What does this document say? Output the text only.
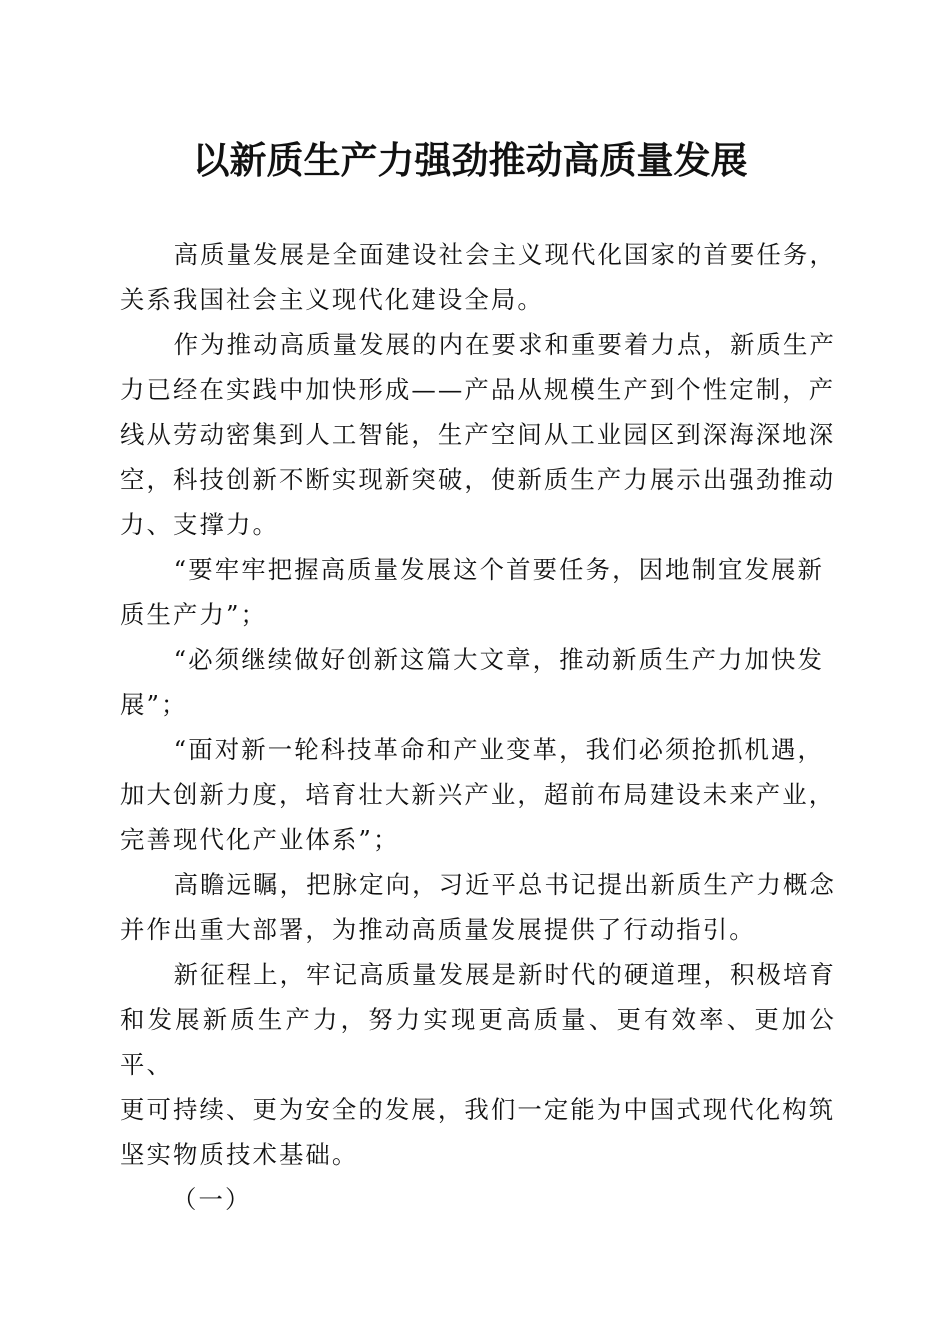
以新质生产力强劲推动高质量发展

高质量发展是全面建设社会主义现代化国家的首要任务，
关系我国社会主义现代化建设全局。

作为推动高质量发展的内在要求和重要着力点，新质生产
力已经在实践中加快形成——产品从规模生产到个性定制，产
线从劳动密集到人工智能，生产空间从工业园区到深海深地深
空，科技创新不断实现新突破，使新质生产力展示出强劲推动
力、支撑力。

“要牢牢把握高质量发展这个首要任务，因地制宜发展新
质生产力”；

“必须继续做好创新这篇大文章，推动新质生产力加快发
展”；

“面对新一轮科技革命和产业变革，我们必须抢抓机遇，
加大创新力度，培育壮大新兴产业，超前布局建设未来产业，
完善现代化产业体系”；

高瞻远瞩，把脉定向，习近平总书记提出新质生产力概念
并作出重大部署，为推动高质量发展提供了行动指引。

新征程上，牢记高质量发展是新时代的硬道理，积极培育
和发展新质生产力，努力实现更高质量、更有效率、更加公平、
更可持续、更为安全的发展，我们一定能为中国式现代化构筑
坚实物质技术基础。

（一）
